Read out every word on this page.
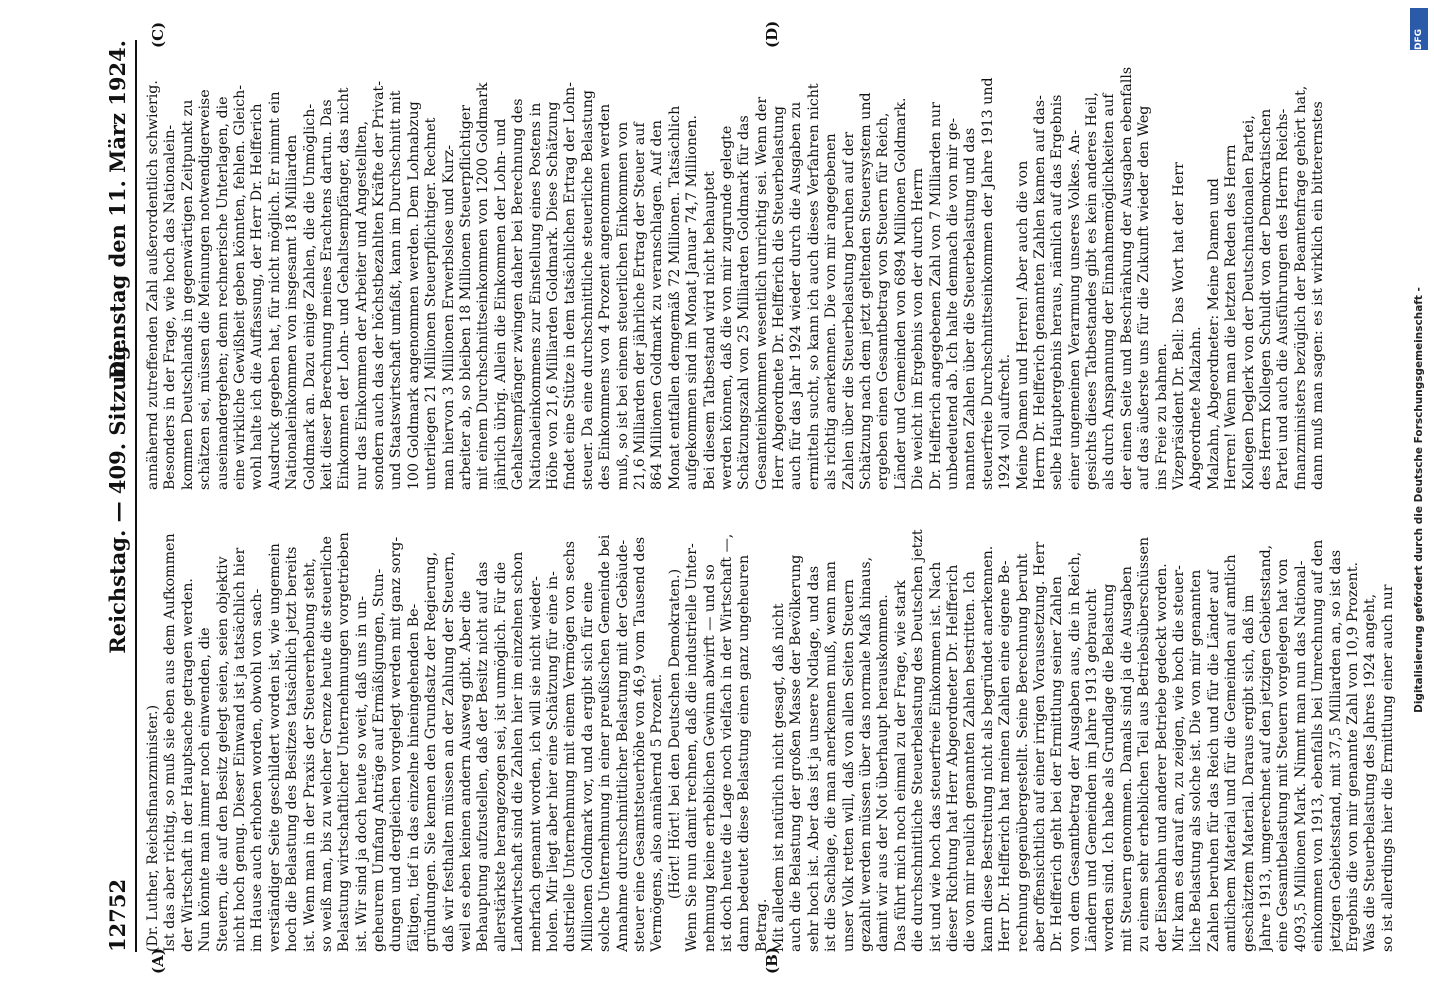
12752
Reichstag. — 409. Sitzung.
Dienstag den 11. März 1924.
(Dr. Luther, Reichsfinanzminister.) Ist das aber richtig, so muß sie eben aus dem Aufkommen der Wirtschaft in der Hauptsache getragen werden. Nun könnte man immer noch einwenden, die Steuern, die auf den Besitz gelegt seien, seien objektiv nicht hoch genug. Dieser Einwand ist ja tatsächlich hier im Hause auch erhoben worden, obwohl von sach- verständiger Seite geschildert worden ist, wie ungemein hoch die Belastung des Besitzes tatsächlich jetzt bereits ist. Wenn man in der Praxis der Steuererhebung steht, so weiß man, bis zu welcher Grenze heute die steuerliche Belastung wirtschaftlicher Unternehmungen vorgetrieben ist. Wir sind ja doch heute so weit, daß uns in un- geheurem Umfang Anträge auf Ermäßigungen, Stun- dungen und dergleichen vorgelegt werden mit ganz sorg- fältigen, tief in das einzelne hineingehenden Be- gründungen. Sie kennen den Grundsatz der Regierung, daß wir festhalten müssen an der Zahlung der Steuern, weil es eben keinen andern Ausweg gibt. Aber die Behauptung aufzustellen, daß der Besitz nicht auf das allerstärkste herangezogen sei, ist unmöglich. Für die Landwirtschaft sind die Zahlen hier im einzelnen schon mehrfach genannt worden, ich will sie nicht wieder- holen. Mir liegt aber hier eine Schätzung für eine in- dustrielle Unternehmung mit einem Vermögen von sechs Millionen Goldmark vor, und da ergibt sich für eine solche Unternehmung in einer preußischen Gemeinde bei Annahme durchschnittlicher Belastung mit der Gebäude- steuer eine Gesamtsteuerhöhe von 46,9 vom Tausend des Vermögens, also annähernd 5 Prozent. (Hört! Hört! bei den Deutschen Demokraten.) Wenn Sie nun damit rechnen, daß die industrielle Unter- nehmung keine erheblichen Gewinn abwirft — und so ist doch heute die Lage noch vielfach in der Wirtschaft —, dann bedeutet diese Belastung einen ganz ungeheuren Betrag. Mit alledem ist natürlich nicht gesagt, daß nicht auch die Belastung der großen Masse der Bevölkerung sehr hoch ist. Aber das ist ja unsere Notlage, und das ist die Sachlage, die man anerkennen muß, wenn man unser Volk retten will, daß von allen Seiten Steuern gezahlt werden müssen über das normale Maß hinaus, damit wir aus der Not überhaupt herauskommen. Das führt mich noch einmal zu der Frage, wie stark die durchschnittliche Steuerbelastung des Deutschen jetzt ist und wie hoch das steuerfreie Einkommen ist. Nach dieser Richtung hat Herr Abgeordneter Dr. Helfferich die von mir neulich genannten Zahlen bestritten. Ich kann diese Bestreitung nicht als begründet anerkennen. Herr Dr. Helfferich hat meinen Zahlen eine eigene Be- rechnung gegenübergestellt. Seine Berechnung beruht aber offensichtlich auf einer irrigen Voraussetzung. Herr Dr. Helfferich geht bei der Ermittlung seiner Zahlen von dem Gesamtbetrag der Ausgaben aus, die in Reich, Ländern und Gemeinden im Jahre 1913 gebraucht worden sind. Ich habe als Grundlage die Belastung mit Steuern genommen. Damals sind ja die Ausgaben zu einem sehr erheblichen Teil aus Betriebsüberschüssen der Eisenbahn und anderer Betriebe gedeckt worden. Mir kam es darauf an, zu zeigen, wie hoch die steuer- liche Belastung als solche ist. Die von mir genannten Zahlen beruhen für das Reich und für die Länder auf amtlichem Material und für die Gemeinden auf amtlich geschätztem Material. Daraus ergibt sich, daß im Jahre 1913, umgerechnet auf den jetzigen Gebietsstand, eine Gesamtbelastung mit Steuern vorgelegen hat von 4093,5 Millionen Mark. Nimmt man nun das National- einkommen von 1913, ebenfalls bei Umrechnung auf den jetzigen Gebietsstand, mit 37,5 Milliarden an, so ist das Ergebnis die von mir genannte Zahl von 10,9 Prozent. Was die Steuerbelastung des Jahres 1924 angeht, so ist allerdings hier die Ermittlung einer auch nur
annähernd zutreffenden Zahl außerordentlich schwierig. Besonders in der Frage, wie hoch das Nationalein- kommen Deutschlands in gegenwärtigen Zeitpunkt zu schätzen sei, müssen die Meinungen notwendigerweise auseinandergehen; denn rechnerische Unterlagen, die eine wirkliche Gewißheit geben könnten, fehlen. Gleich- wohl halte ich die Auffassung, der Herr Dr. Helfferich Ausdruck gegeben hat, für nicht möglich. Er nimmt ein Nationaleinkommen von insgesamt 18 Milliarden Goldmark an. Dazu einige Zahlen, die die Unmöglich- keit dieser Berechnung meines Erachtens dartun. Das Einkommen der Lohn- und Gehaltsempfänger, das nicht nur das Einkommen der Arbeiter und Angestellten, sondern auch das der höchstbezahlten Kräfte der Privat- und Staatswirtschaft umfaßt, kann im Durchschnitt mit 100 Goldmark angenommen werden. Dem Lohnabzug unterliegen 21 Millionen Steuerpflichtiger. Rechnet man hiervon 3 Millionen Erwerbslose und Kurz- arbeiter ab, so bleiben 18 Millionen Steuerpflichtiger mit einem Durchschnittseinkommen von 1200 Goldmark jährlich übrig. Allein die Einkommen der Lohn- und Gehaltsempfänger zwingen daher bei Berechnung des Nationaleinkommens zur Einstellung eines Postens in Höhe von 21,6 Milliarden Goldmark. Diese Schätzung findet eine Stütze in dem tatsächlichen Ertrag der Lohn- steuer. Da eine durchschnittliche steuerliche Belastung des Einkommens von 4 Prozent angenommen werden muß, so ist bei einem steuerlichen Einkommen von 21,6 Milliarden der jährliche Ertrag der Steuer auf 864 Millionen Goldmark zu veranschlagen. Auf den Monat entfallen demgemäß 72 Millionen. Tatsächlich aufgekommen sind im Monat Januar 74,7 Millionen. Bei diesem Tatbestand wird nicht behauptet werden können, daß die von mir zugrunde gelegte Schätzungszahl von 25 Milliarden Goldmark für das Gesamteinkommen wesentlich unrichtig sei. Wenn der Herr Abgeordnete Dr. Helfferich die Steuerbelastung auch für das Jahr 1924 wieder durch die Ausgaben zu ermitteln sucht, so kann ich auch dieses Verfahren nicht als richtig anerkennen. Die von mir angegebenen Zahlen über die Steuerbelastung beruhen auf der Schätzung nach dem jetzt geltenden Steuersystem und ergeben einen Gesamtbetrag von Steuern für Reich, Länder und Gemeinden von 6894 Millionen Goldmark. Die weicht im Ergebnis von der durch Herrn Dr. Helfferich angegebenen Zahl von 7 Milliarden nur unbedeutend ab. Ich halte demnach die von mir ge- nannten Zahlen über die Steuerbelastung und das steuerfreie Durchschnittseinkommen der Jahre 1913 und 1924 voll aufrecht. Meine Damen und Herren! Aber auch die von Herrn Dr. Helfferich genannten Zahlen kamen auf das- selbe Hauptergebnis heraus, nämlich auf das Ergebnis einer ungemeinen Verarmung unseres Volkes. An- gesichts dieses Tatbestandes gibt es kein anderes Heil, als durch Anspannung der Einnahmemöglichkeiten auf der einen Seite und Beschränkung der Ausgaben ebenfalls auf das äußerste uns für die Zukunft wieder den Weg ins Freie zu bahnen. Vizepräsident Dr. Bell: Das Wort hat der Herr Abgeordnete Malzahn. Malzahn, Abgeordneter: Meine Damen und Herren! Wenn man die letzten Reden des Herrn Kollegen Deglerk von der Deutschnationalen Partei, des Herrn Kollegen Schuldt von der Demokratischen Partei und auch die Ausführungen des Herrn Reichs- finanzministers bezüglich der Beamtenfrage gehört hat, dann muß man sagen: es ist wirklich ein bitterernstes
(A)	(B)
(C)	(D)	DFG
Digitalisierung gefördert durch die Deutsche Forschungsgemeinschaft -
